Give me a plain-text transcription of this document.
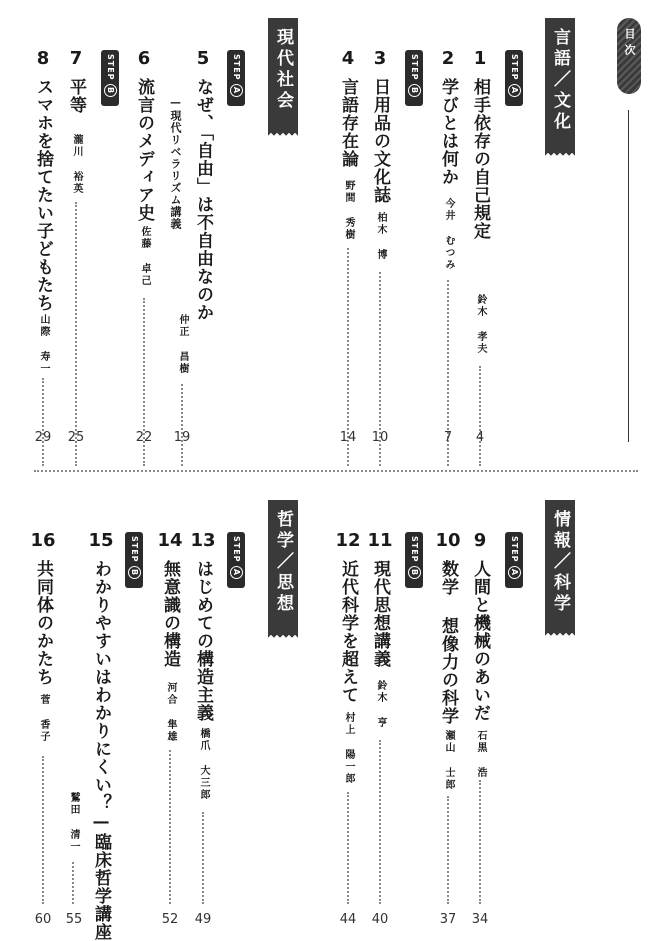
目次
言語／文化
現代社会
情報／科学
哲学／思想
STEP
A
STEP
B
STEP
A
STEP
B
STEP
A
STEP
B
STEP
A
STEP
B
1
相手依存の自己規定
鈴木 孝夫
4
2
学びとは何か
今井 むつみ
7
3
日用品の文化誌
柏木 博
10
4
言語存在論
野間 秀樹
14
5
なぜ、「自由」は不自由なのか
—現代リベラリズム講義
仲正 昌樹
19
6
流言のメディア史
佐藤 卓己
22
7
平等
瀧川 裕英
25
8
スマホを捨てたい子どもたち
山際 寿一
29
9
人間と機械のあいだ
石黒 浩
34
10
数学 想像力の科学
瀬山 士郎
37
11
現代思想講義
鈴木 亨
40
12
近代科学を超えて
村上 陽一郎
44
13
はじめての構造主義
橋爪 大三郎
49
14
無意識の構造
河合 隼雄
52
15
わかりやすいはわかりにくい？—臨床哲学講座
鷲田 清一
55
16
共同体のかたち
菅 香子
60
